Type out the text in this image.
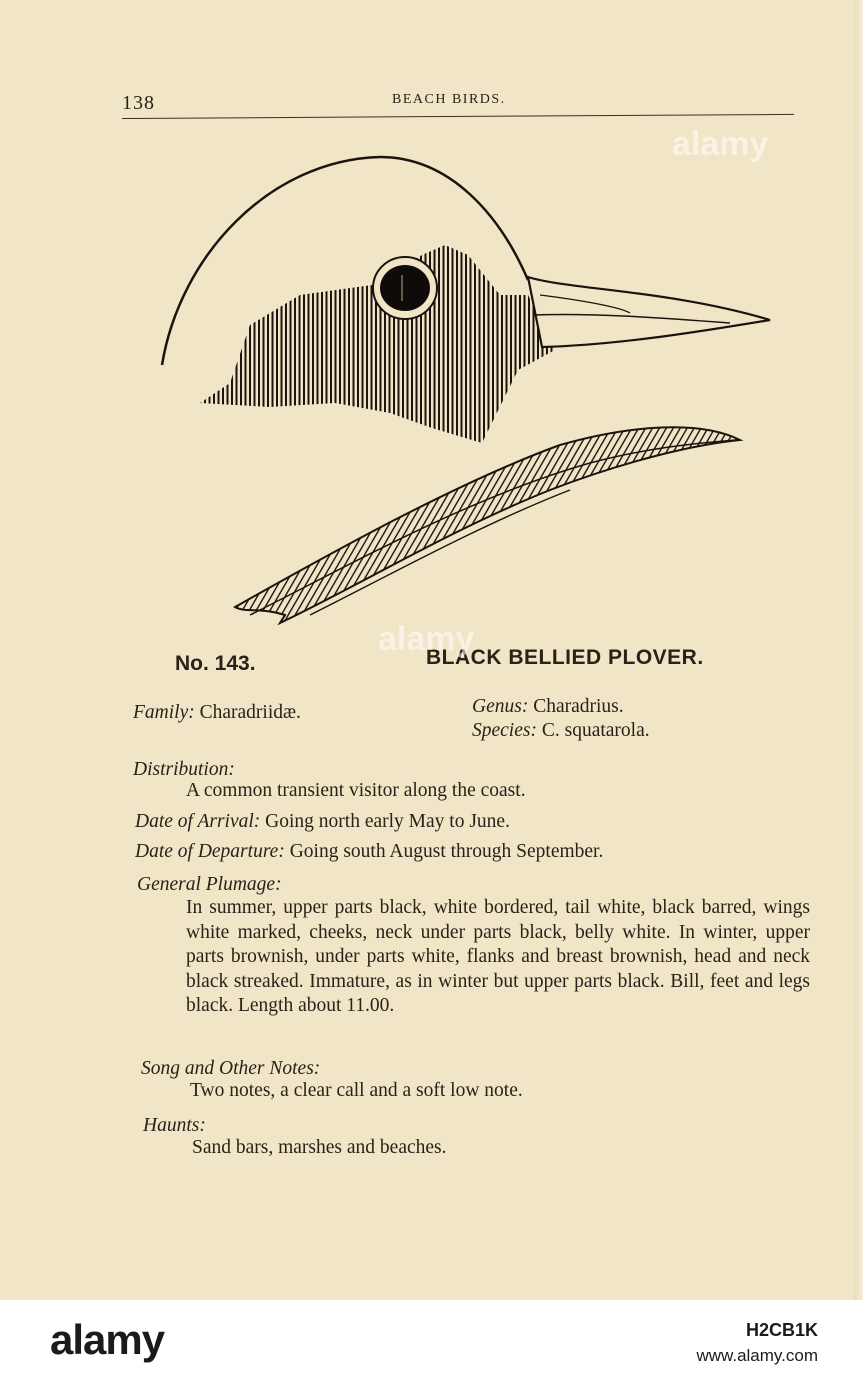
138	BEACH BIRDS.
No. 143.	BLACK BELLIED PLOVER.
Family: Charadriidæ.	Genus: Charadrius.
Species: C. squatarola.
Distribution:
A common transient visitor along the coast.
Date of Arrival: Going north early May to June.
Date of Departure: Going south August through September.
General Plumage:
In summer, upper parts black, white bordered, tail white, black barred, wings white marked, cheeks, neck under parts black, belly white. In winter, upper parts brownish, under parts white, flanks and breast brownish, head and neck black streaked. Immature, as in winter but upper parts black. Bill, feet and legs black. Length about 11.00.
Song and Other Notes:
Two notes, a clear call and a soft low note.
Haunts:
Sand bars, marshes and beaches.
alamy
alamy
alamy	H2CB1K
www.alamy.com
